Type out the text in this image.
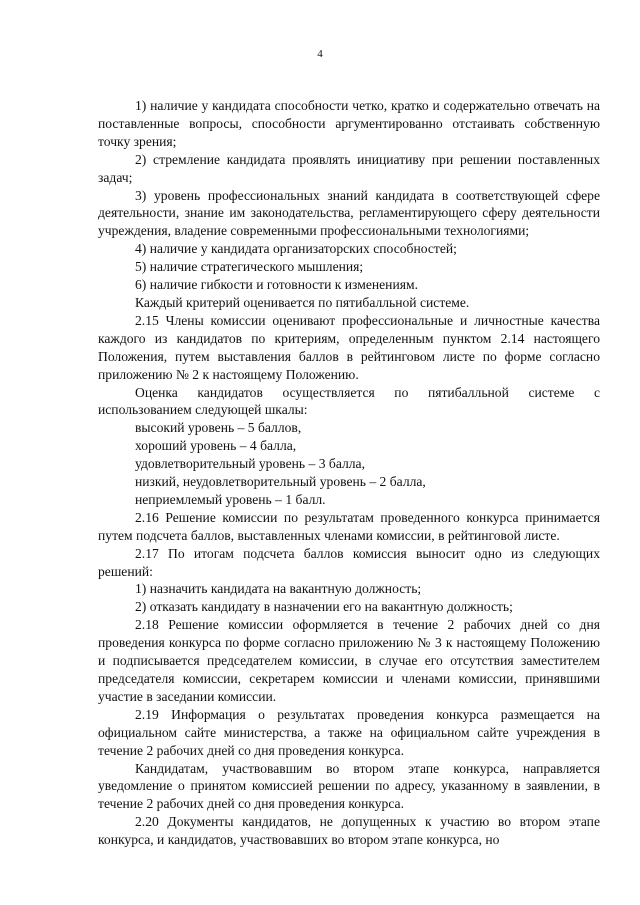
4

1) наличие у кандидата способности четко, кратко и содержательно отвечать на поставленные вопросы, способности аргументированно отстаивать собственную точку зрения;

2) стремление кандидата проявлять инициативу при решении поставленных задач;

3) уровень профессиональных знаний кандидата в соответствующей сфере деятельности, знание им законодательства, регламентирующего сферу деятельности учреждения, владение современными профессиональными технологиями;

4) наличие у кандидата организаторских способностей;

5) наличие стратегического мышления;

6) наличие гибкости и готовности к изменениям.

Каждый критерий оценивается по пятибалльной системе.

2.15 Члены комиссии оценивают профессиональные и личностные качества каждого из кандидатов по критериям, определенным пунктом 2.14 настоящего Положения, путем выставления баллов в рейтинговом листе по форме согласно приложению № 2 к настоящему Положению.

Оценка кандидатов осуществляется по пятибалльной системе с использованием следующей шкалы:

высокий уровень – 5 баллов,

хороший уровень – 4 балла,

удовлетворительный уровень – 3 балла,

низкий, неудовлетворительный уровень – 2 балла,

неприемлемый уровень – 1 балл.

2.16 Решение комиссии по результатам проведенного конкурса принимается путем подсчета баллов, выставленных членами комиссии, в рейтинговой листе.

2.17 По итогам подсчета баллов комиссия выносит одно из следующих решений:

1) назначить кандидата на вакантную должность;

2) отказать кандидату в назначении его на вакантную должность;

2.18 Решение комиссии оформляется в течение 2 рабочих дней со дня проведения конкурса по форме согласно приложению № 3 к настоящему Положению и подписывается председателем комиссии, в случае его отсутствия заместителем председателя комиссии, секретарем комиссии и членами комиссии, принявшими участие в заседании комиссии.

2.19 Информация о результатах проведения конкурса размещается на официальном сайте министерства, а также на официальном сайте учреждения в течение 2 рабочих дней со дня проведения конкурса.

Кандидатам, участвовавшим во втором этапе конкурса, направляется уведомление о принятом комиссией решении по адресу, указанному в заявлении, в течение 2 рабочих дней со дня проведения конкурса.

2.20 Документы кандидатов, не допущенных к участию во втором этапе конкурса, и кандидатов, участвовавших во втором этапе конкурса, но
